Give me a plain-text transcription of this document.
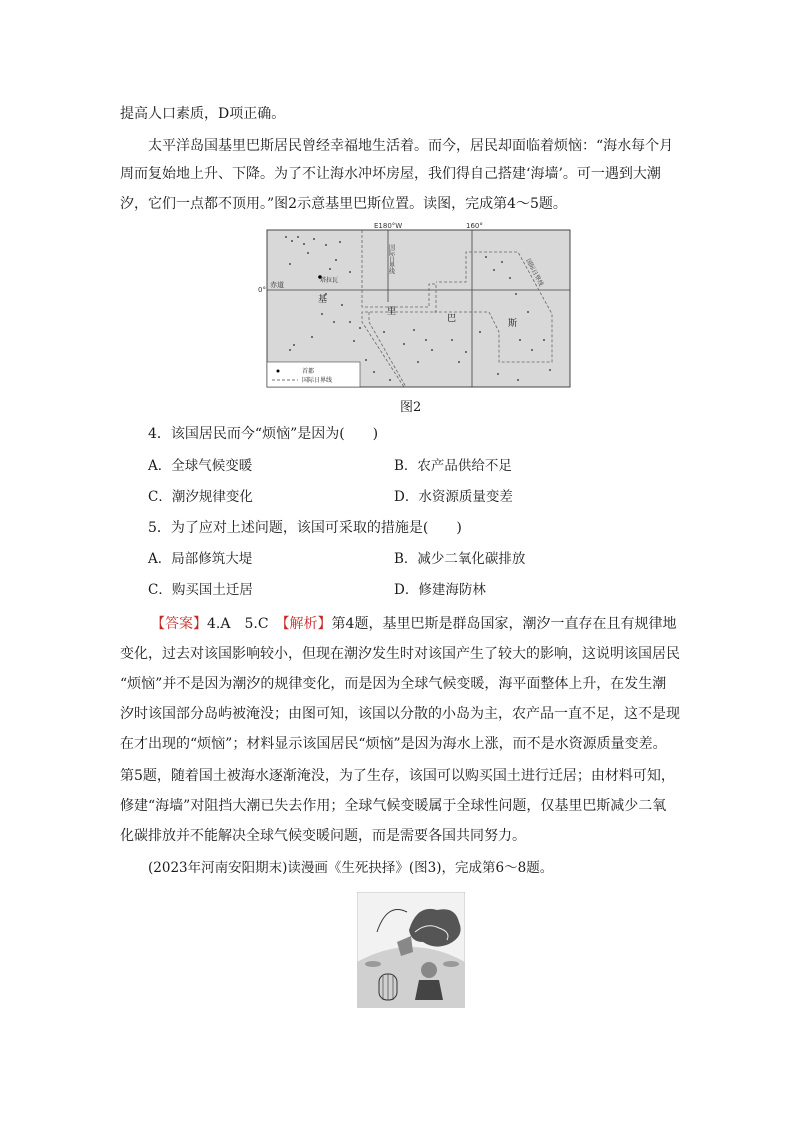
提高人口素质，D项正确。
太平洋岛国基里巴斯居民曾经幸福地生活着。而今，居民却面临着烦恼：“海水每个月
周而复始地上升、下降。为了不让海水冲坏房屋，我们得自己搭建‘海墙’。可一遇到大潮
汐，它们一点都不顶用。”图2示意基里巴斯位置。读图，完成第4～5题。
E180°W	160°
0°
赤道
国际日界线	国际日界线
塔拉瓦
基
里
巴	斯
首都
国际日界线
图2
4．该国居民而今“烦恼”是因为(　　)
A．全球气候变暖	B．农产品供给不足
C．潮汐规律变化	D．水资源质量变差
5．为了应对上述问题，该国可采取的措施是(　　)
A．局部修筑大堤	B．减少二氧化碳排放
C．购买国土迁居	D．修建海防林
【答案】4.A　5.C　【解析】第4题，基里巴斯是群岛国家，潮汐一直存在且有规律地
变化，过去对该国影响较小，但现在潮汐发生时对该国产生了较大的影响，这说明该国居民
“烦恼”并不是因为潮汐的规律变化，而是因为全球气候变暖，海平面整体上升，在发生潮
汐时该国部分岛屿被淹没；由图可知，该国以分散的小岛为主，农产品一直不足，这不是现
在才出现的“烦恼”；材料显示该国居民“烦恼”是因为海水上涨，而不是水资源质量变差。
第5题，随着国土被海水逐渐淹没，为了生存，该国可以购买国土进行迁居；由材料可知，
修建“海墙”对阻挡大潮已失去作用；全球气候变暖属于全球性问题，仅基里巴斯减少二氧
化碳排放并不能解决全球气候变暖问题，而是需要各国共同努力。
(2023年河南安阳期末)读漫画《生死抉择》(图3)，完成第6～8题。
